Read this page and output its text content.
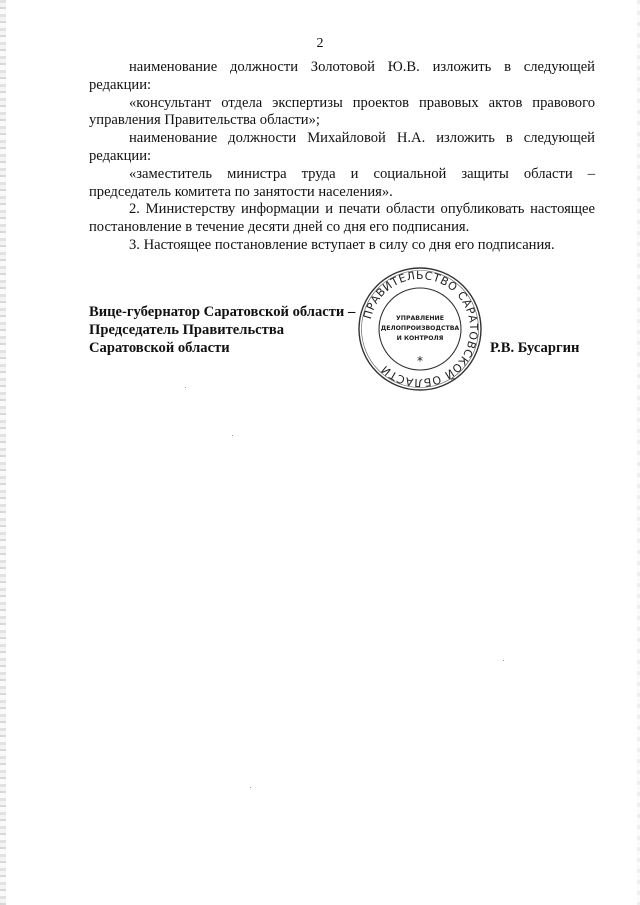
2

наименование должности Золотовой Ю.В. изложить в следующей редакции:

«консультант отдела экспертизы проектов правовых актов правового управления Правительства области»;

наименование должности Михайловой Н.А. изложить в следующей редакции:

«заместитель министра труда и социальной защиты области – председатель комитета по занятости населения».

2. Министерству информации и печати области опубликовать настоящее постановление в течение десяти дней со дня его подписания.

3. Настоящее постановление вступает в силу со дня его подписания.

Вице-губернатор Саратовской области –
Председатель Правительства
Саратовской области	Р.В. Бусаргин
ПРАВИТЕЛЬСТВО САРАТОВСКОЙ ОБЛАСТИ
УПРАВЛЕНИЕ
ДЕЛОПРОИЗВОДСТВА
И КОНТРОЛЯ
*
